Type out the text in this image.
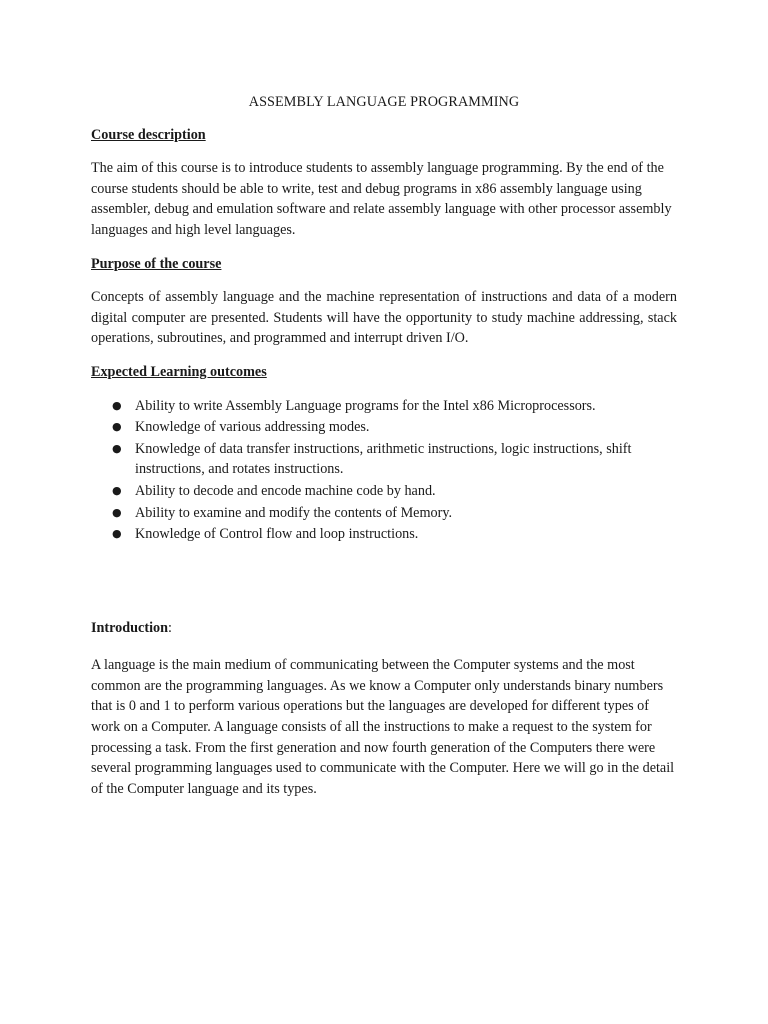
ASSEMBLY LANGUAGE PROGRAMMING
Course description
The aim of this course is to introduce students to assembly language programming. By the end of the course students should be able to write, test and debug programs in x86 assembly language using assembler, debug and emulation software and relate assembly language with other processor assembly languages and high level languages.
Purpose of the course
Concepts of assembly language and the machine representation of instructions and data of a modern digital computer are presented. Students will have the opportunity to study machine addressing, stack operations, subroutines, and programmed and interrupt driven I/O.
Expected Learning outcomes
● Ability to write Assembly Language programs for the Intel x86 Microprocessors.
● Knowledge of various addressing modes.
● Knowledge of data transfer instructions, arithmetic instructions, logic instructions, shift instructions, and rotates instructions.
● Ability to decode and encode machine code by hand.
● Ability to examine and modify the contents of Memory.
● Knowledge of Control flow and loop instructions.
Introduction:
A language is the main medium of communicating between the Computer systems and the most common are the programming languages. As we know a Computer only understands binary numbers that is 0 and 1 to perform various operations but the languages are developed for different types of work on a Computer. A language consists of all the instructions to make a request to the system for processing a task. From the first generation and now fourth generation of the Computers there were several programming languages used to communicate with the Computer. Here we will go in the detail of the Computer language and its types.
